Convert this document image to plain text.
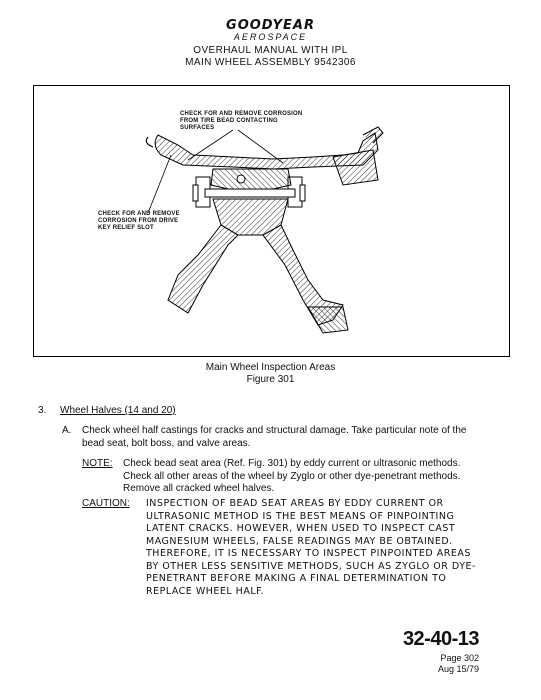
GOODYEAR
AEROSPACE
OVERHAUL MANUAL WITH IPL
MAIN WHEEL ASSEMBLY 9542306
CHECK FOR AND REMOVE CORROSION FROM TIRE BEAD CONTACTING SURFACES
CHECK FOR AND REMOVE CORROSION FROM DRIVE KEY RELIEF SLOT
Main Wheel Inspection Areas
Figure 301
3. Wheel Halves (14 and 20)
A. Check wheel half castings for cracks and structural damage. Take particular note of the bead seat, bolt boss, and valve areas.
NOTE: Check bead seat area (Ref. Fig. 301) by eddy current or ultrasonic methods. Check all other areas of the wheel by Zyglo or other dye-penetrant methods. Remove all cracked wheel halves.
CAUTION: INSPECTION OF BEAD SEAT AREAS BY EDDY CURRENT OR ULTRASONIC METHOD IS THE BEST MEANS OF PINPOINTING LATENT CRACKS. HOWEVER, WHEN USED TO INSPECT CAST MAGNESIUM WHEELS, FALSE READINGS MAY BE OBTAINED. THEREFORE, IT IS NECESSARY TO INSPECT PINPOINTED AREAS BY OTHER LESS SENSITIVE METHODS, SUCH AS ZYGLO OR DYE-PENETRANT BEFORE MAKING A FINAL DETERMINATION TO REPLACE WHEEL HALF.
32-40-13
Page 302
Aug 15/79
